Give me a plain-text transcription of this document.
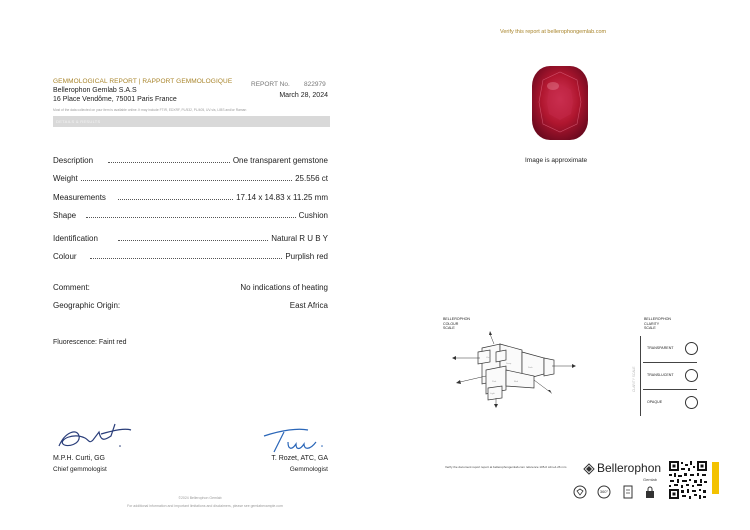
GEMMOLOGICAL REPORT | RAPPORT GEMMOLOGIQUE	REPORT No. 822979
Bellerophon Gemlab S.A.S
16 Place Vendôme, 75001 Paris France
March 28, 2024
Most of the data collected on your item is available online. It may include FTIR, EDXRF, PL/532, PL/405, UV-vis, LIBS and/or Raman
DETAILS & RESULTS
Description	One transparent gemstone
Weight	25.556 ct
Measurements	17.14 x 14.83 x 11.25 mm
Shape	Cushion
Identification	Natural R U B Y
Colour	Purplish red
Comment:	No indications of heating
Geographic Origin:	East Africa
Fluorescence: Faint red
M.P.H. Curti, GG
Chief gemmologist
T. Rozet, ATC, GA
Gemmologist
©2024 Bellerophon Gemlab
For additional information and important limitations and disclaimers, please see gemlabexample.com
Verify this report at bellerophongemlab.com
Image is approximate
BELLEROPHON
COLOUR
SCALE
Vivid
Deep
Dark
Pink	Red
Light
BELLEROPHON
CLARITY
SCALE
TRANSPARENT
TRANSLUCENT
OPAQUE
CLARITY SCALE
Verify the document report report at bellerophongemlab.com reference 105-0 cdm-d-26 mm	Bellerophon
Gemlab
360°
